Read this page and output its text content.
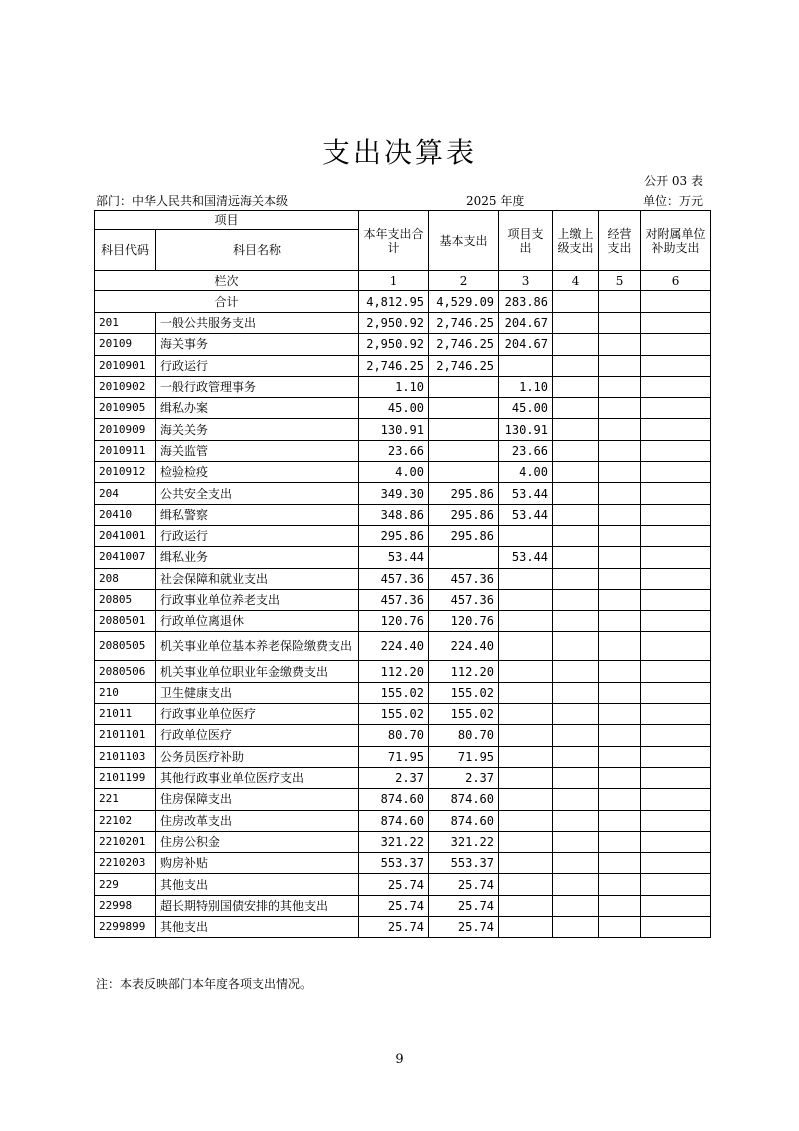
支出决算表
公开 03 表
部门：中华人民共和国清远海关本级	2025 年度	单位：万元
项目		本年支出合计	基本支出	项目支出	上缴上级支出	经营支出	对附属单位补助支出
科目代码	科目名称						
栏次		1	2	3	4	5	6
合计		4,812.95	4,529.09	283.86			
201	一般公共服务支出	2,950.92	2,746.25	204.67			
20109	海关事务	2,950.92	2,746.25	204.67			
2010901	行政运行	2,746.25	2,746.25				
2010902	一般行政管理事务	1.10		1.10			
2010905	缉私办案	45.00		45.00			
2010909	海关关务	130.91		130.91			
2010911	海关监管	23.66		23.66			
2010912	检验检疫	4.00		4.00			
204	公共安全支出	349.30	295.86	53.44			
20410	缉私警察	348.86	295.86	53.44			
2041001	行政运行	295.86	295.86				
2041007	缉私业务	53.44		53.44			
208	社会保障和就业支出	457.36	457.36				
20805	行政事业单位养老支出	457.36	457.36				
2080501	行政单位离退休	120.76	120.76				
2080505	机关事业单位基本养老保险缴费支出	224.40	224.40				
2080506	机关事业单位职业年金缴费支出	112.20	112.20				
210	卫生健康支出	155.02	155.02				
21011	行政事业单位医疗	155.02	155.02				
2101101	行政单位医疗	80.70	80.70				
2101103	公务员医疗补助	71.95	71.95				
2101199	其他行政事业单位医疗支出	2.37	2.37				
221	住房保障支出	874.60	874.60				
22102	住房改革支出	874.60	874.60				
2210201	住房公积金	321.22	321.22				
2210203	购房补贴	553.37	553.37				
229	其他支出	25.74	25.74				
22998	超长期特别国债安排的其他支出	25.74	25.74				
2299899	其他支出	25.74	25.74				
注：本表反映部门本年度各项支出情况。
9
